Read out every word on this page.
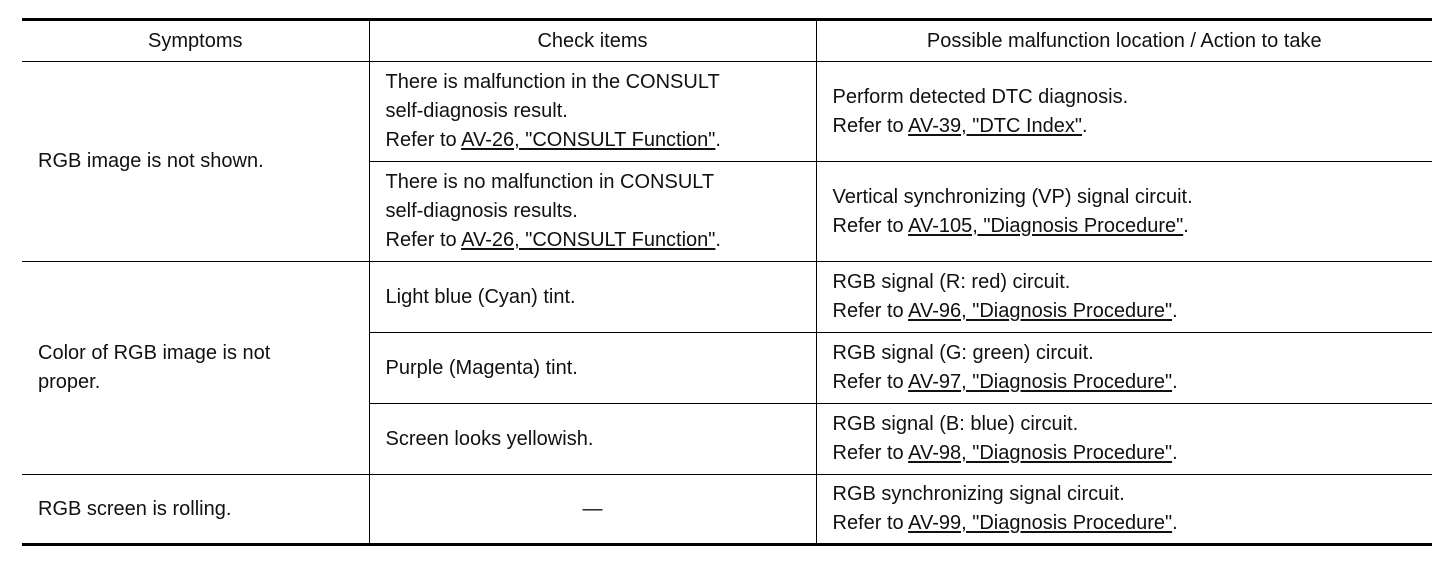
Symptoms	Check items	Possible malfunction location / Action to take
RGB image is not shown.	There is malfunction in the CONSULT
self-diagnosis result.
Refer to AV-26, "CONSULT Function".	Perform detected DTC diagnosis.
Refer to AV-39, "DTC Index".

	There is no malfunction in CONSULT
self-diagnosis results.
Refer to AV-26, "CONSULT Function".	Vertical synchronizing (VP) signal circuit.
Refer to AV-105, "Diagnosis Procedure".

Color of RGB image is not
proper.	Light blue (Cyan) tint.	RGB signal (R: red) circuit.
Refer to AV-96, "Diagnosis Procedure".

	Purple (Magenta) tint.	RGB signal (G: green) circuit.
Refer to AV-97, "Diagnosis Procedure".

	Screen looks yellowish.	RGB signal (B: blue) circuit.
Refer to AV-98, "Diagnosis Procedure".

RGB screen is rolling.	—	RGB synchronizing signal circuit.
Refer to AV-99, "Diagnosis Procedure".
